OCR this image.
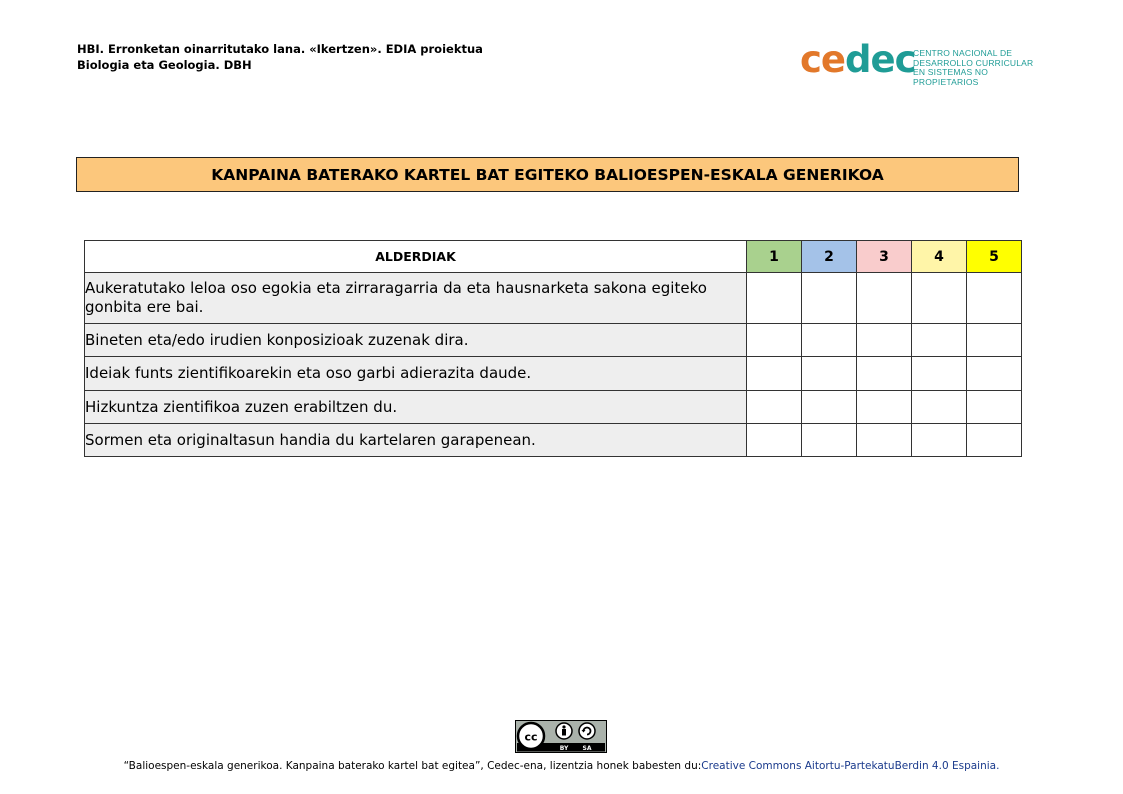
HBI. Erronketan oinarritutako lana. «Ikertzen». EDIA proiektua
Biologia eta Geologia. DBH	cedec
CENTRO NACIONAL DE
DESARROLLO CURRICULAR
EN SISTEMAS NO PROPIETARIOS
KANPAINA BATERAKO KARTEL BAT EGITEKO BALIOESPEN-ESKALA GENERIKOA
ALDERDIAK	1	2	3	4	5
Aukeratutako leloa oso egokia eta zirraragarria da eta hausnarketa sakona egiteko gonbita ere bai.					
Bineten eta/edo irudien konposizioak zuzenak dira.					
Ideiak funts zientifikoarekin eta oso garbi adierazita daude.					
Hizkuntza zientifikoa zuzen erabiltzen du.					
Sormen eta originaltasun handia du kartelaren garapenean.					
cc
BY SA
“Balioespen-eskala generikoa. Kanpaina baterako kartel bat egitea”, Cedec-ena, lizentzia honek babesten du:Creative Commons Aitortu-PartekatuBerdin 4.0 Espainia.
